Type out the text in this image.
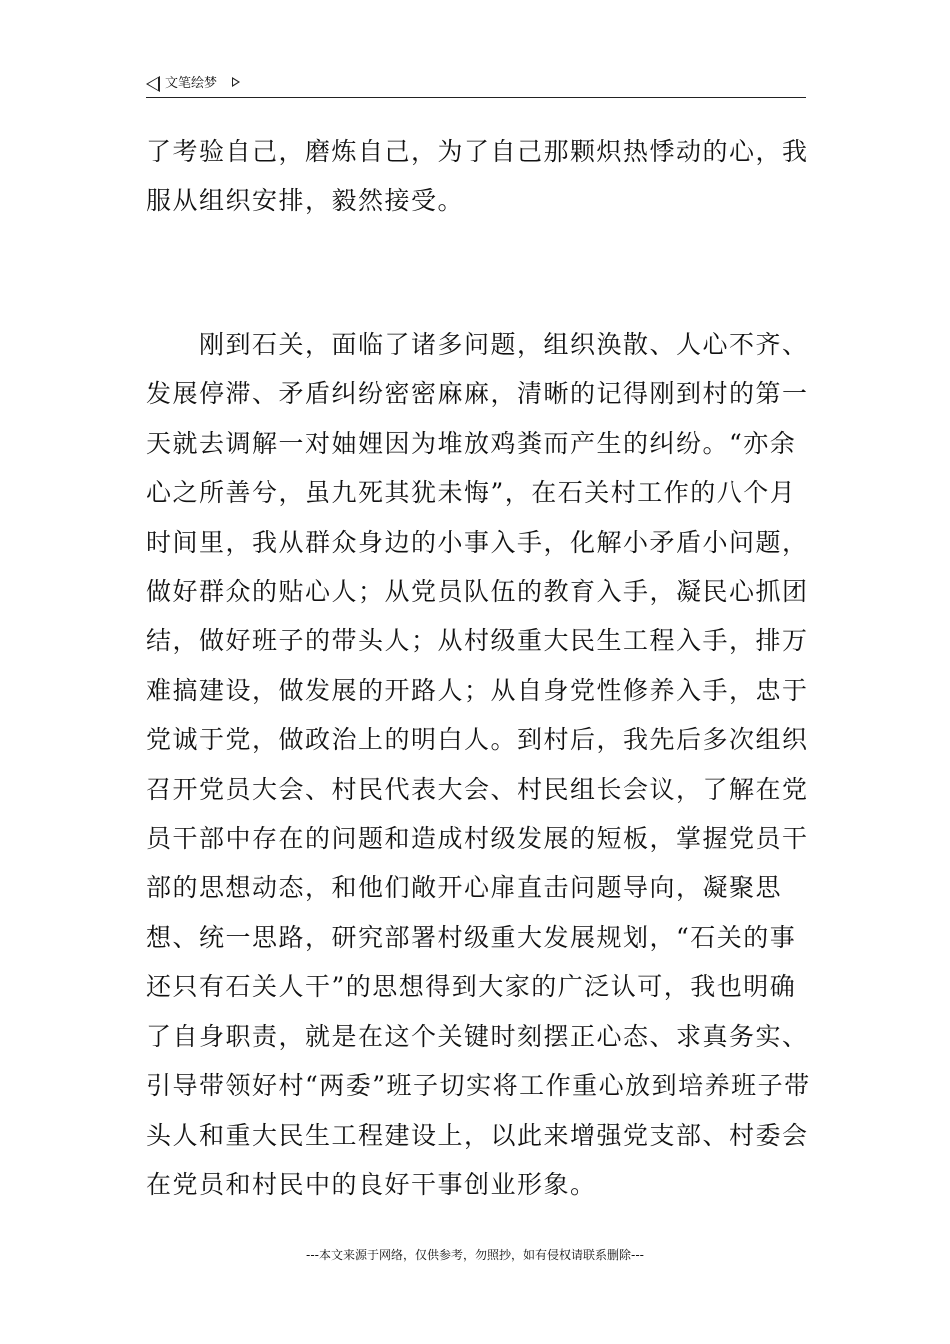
文笔绘梦

了考验自己，磨炼自己，为了自己那颗炽热悸动的心，我服从组织安排，毅然接受。

刚到石关，面临了诸多问题，组织涣散、人心不齐、发展停滞、矛盾纠纷密密麻麻，清晰的记得刚到村的第一天就去调解一对妯娌因为堆放鸡粪而产生的纠纷。“亦余心之所善兮，虽九死其犹未悔”，在石关村工作的八个月时间里，我从群众身边的小事入手，化解小矛盾小问题，做好群众的贴心人；从党员队伍的教育入手，凝民心抓团结，做好班子的带头人；从村级重大民生工程入手，排万难搞建设，做发展的开路人；从自身党性修养入手，忠于党诚于党，做政治上的明白人。到村后，我先后多次组织召开党员大会、村民代表大会、村民组长会议，了解在党员干部中存在的问题和造成村级发展的短板，掌握党员干部的思想动态，和他们敞开心扉直击问题导向，凝聚思想、统一思路，研究部署村级重大发展规划，“石关的事还只有石关人干”的思想得到大家的广泛认可，我也明确了自身职责，就是在这个关键时刻摆正心态、求真务实、引导带领好村“两委”班子切实将工作重心放到培养班子带头人和重大民生工程建设上，以此来增强党支部、村委会在党员和村民中的良好干事创业形象。

---本文来源于网络，仅供参考，勿照抄，如有侵权请联系删除---
